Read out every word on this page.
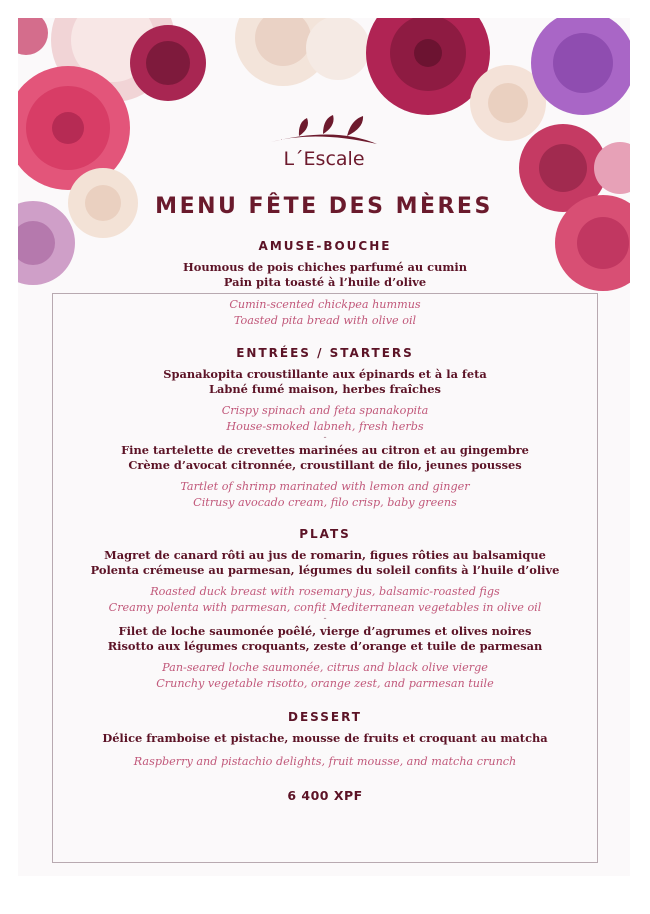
L´Escale
MENU FÊTE DES MÈRES
AMUSE-BOUCHE
Houmous de pois chiches parfumé au cumin
Pain pita toasté à l’huile d’olive
Cumin-scented chickpea hummus
Toasted pita bread with olive oil
ENTRÉES / STARTERS
Spanakopita croustillante aux épinards et à la feta
Labné fumé maison, herbes fraîches
Crispy spinach and feta spanakopita
House-smoked labneh, fresh herbs
-
Fine tartelette de crevettes marinées au citron et au gingembre
Crème d’avocat citronnée, croustillant de filo, jeunes pousses
Tartlet of shrimp marinated with lemon and ginger
Citrusy avocado cream, filo crisp, baby greens
PLATS
Magret de canard rôti au jus de romarin, figues rôties au balsamique
Polenta crémeuse au parmesan, légumes du soleil confits à l’huile d’olive
Roasted duck breast with rosemary jus, balsamic-roasted figs
Creamy polenta with parmesan, confit Mediterranean vegetables in olive oil
-
Filet de loche saumonée poêlé, vierge d’agrumes et olives noires
Risotto aux légumes croquants, zeste d’orange et tuile de parmesan
Pan-seared loche saumonée, citrus and black olive vierge
Crunchy vegetable risotto, orange zest, and parmesan tuile
DESSERT
Délice framboise et pistache, mousse de fruits et croquant au matcha
Raspberry and pistachio delights, fruit mousse, and matcha crunch
6 400 XPF
